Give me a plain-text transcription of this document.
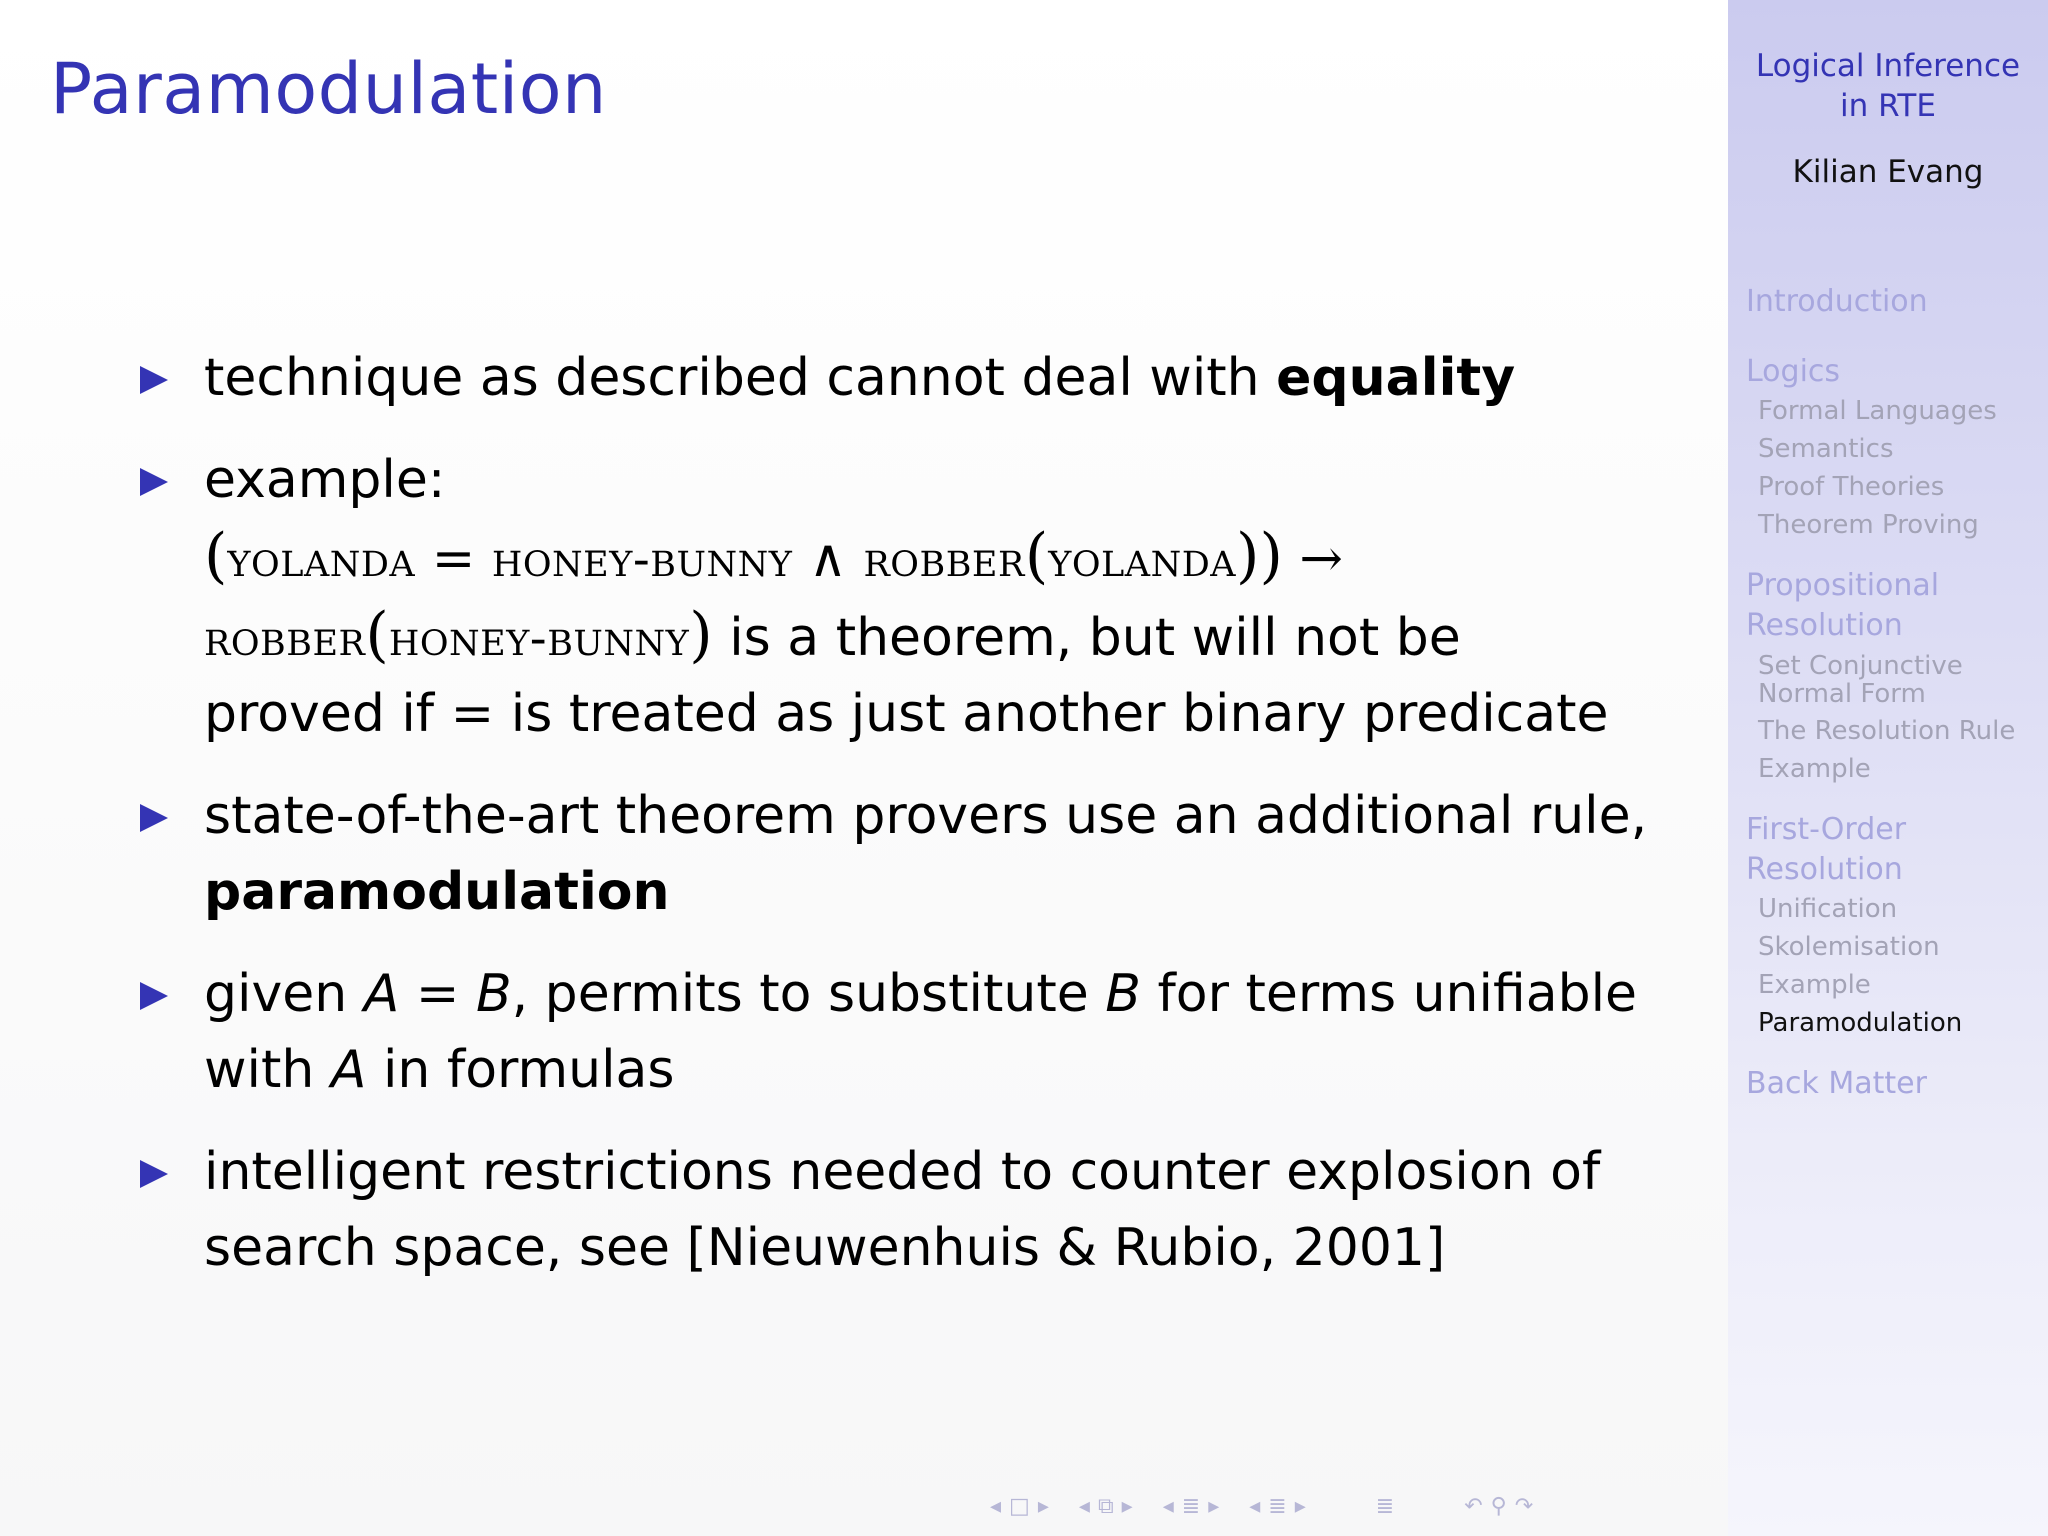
Paramodulation
technique as described cannot deal with equality
example:
(yolanda = honey-bunny ∧ robber(yolanda)) →
robber(honey-bunny) is a theorem, but will not be
proved if = is treated as just another binary predicate
state-of-the-art theorem provers use an additional rule, paramodulation
given A = B, permits to substitute B for terms unifiable with A in formulas
intelligent restrictions needed to counter explosion of search space, see [Nieuwenhuis & Rubio, 2001]
◂ □ ▸ ◂ ⧉ ▸ ◂ ≣ ▸ ◂ ≣ ▸	≣	↶ ⚲ ↷
Logical Inference
in RTE
Kilian Evang
Introduction
Logics
Formal Languages
Semantics
Proof Theories
Theorem Proving
Propositional
Resolution
Set Conjunctive
Normal Form
The Resolution Rule
Example
First-Order
Resolution
Unification
Skolemisation
Example
Paramodulation
Back Matter
